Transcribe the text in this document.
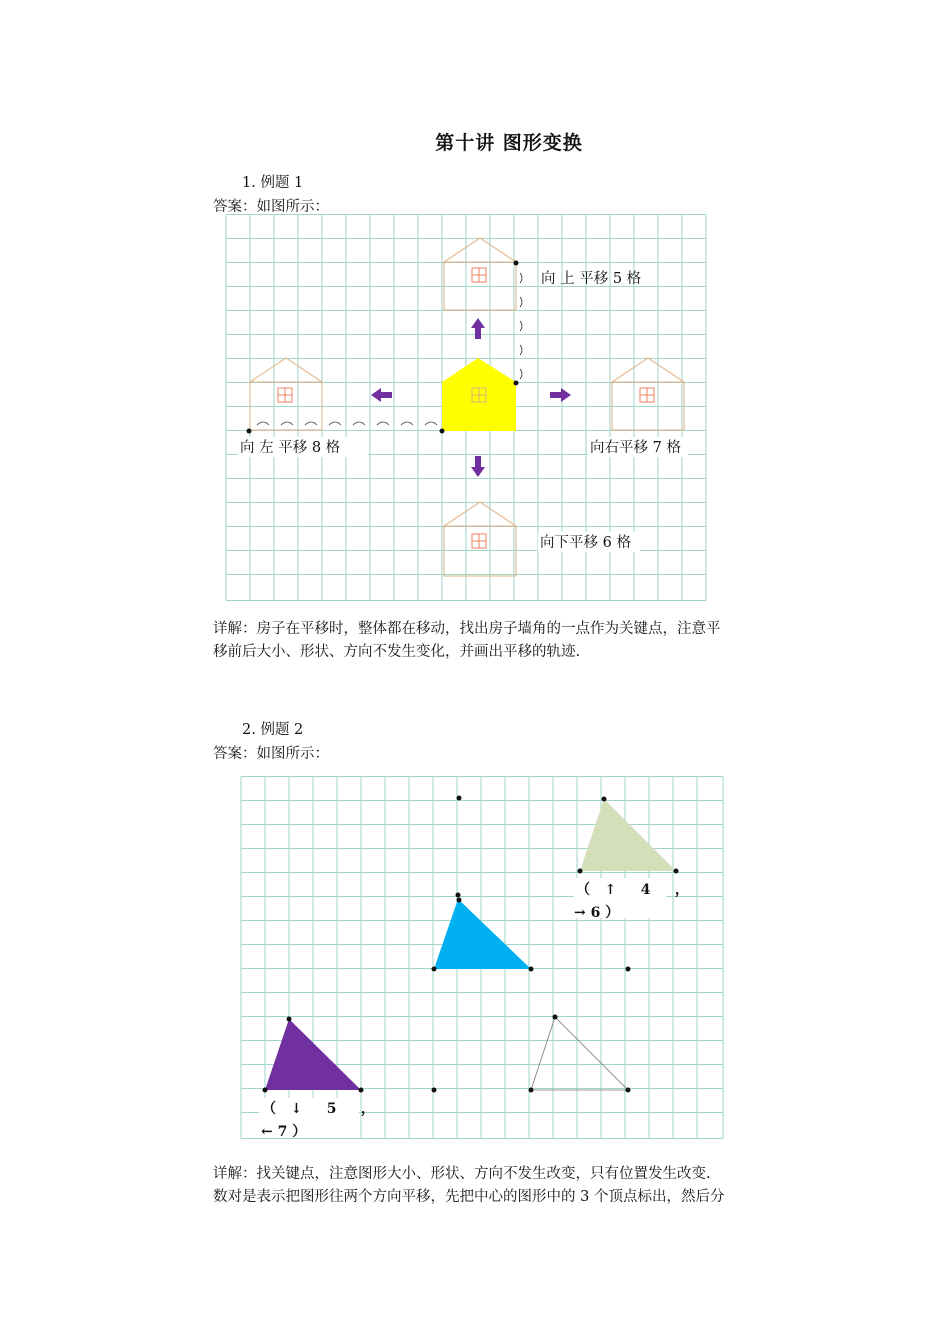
第十讲 图形变换
1. 例题 1
答案：如图所示：
向 上 平移 5 格
向 左 平移 8 格	向右平移 7 格
向下平移 6 格
详解：房子在平移时，整体都在移动，找出房子墙角的一点作为关键点，注意平
移前后大小、形状、方向不发生变化，并画出平移的轨迹.
2. 例题 2
答案：如图所示：
（   ↑     4     ，
→ 6 ）
（   ↓     5     ，
← 7 ）
详解：找关键点，注意图形大小、形状、方向不发生改变，只有位置发生改变.
数对是表示把图形往两个方向平移，先把中心的图形中的 3 个顶点标出，然后分
